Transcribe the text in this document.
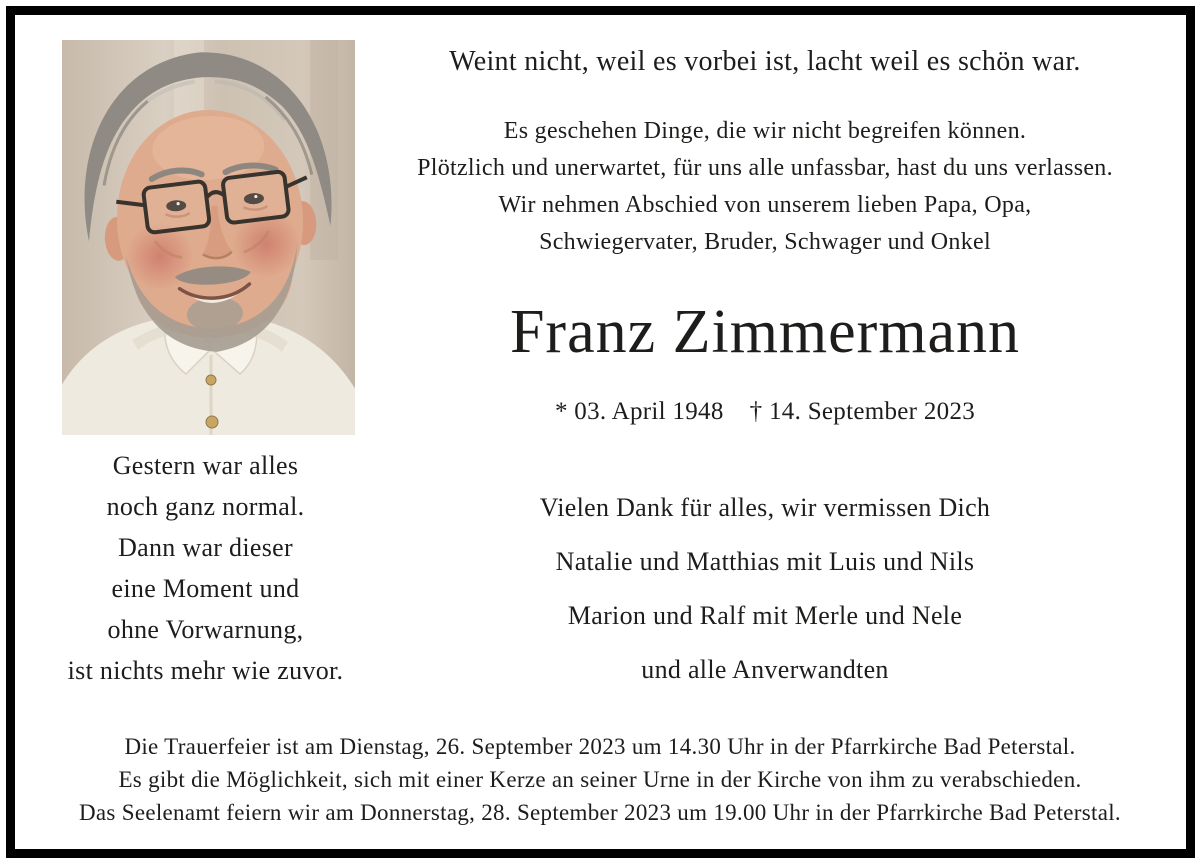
Weint nicht, weil es vorbei ist, lacht weil es schön war.
Es geschehen Dinge, die wir nicht begreifen können.
Plötzlich und unerwartet, für uns alle unfassbar, hast du uns verlassen.
Wir nehmen Abschied von unserem lieben Papa, Opa,
Schwiegervater, Bruder, Schwager und Onkel
Franz Zimmermann
* 03. April 1948 † 14. September 2023
Gestern war alles
noch ganz normal.
Dann war dieser
eine Moment und
ohne Vorwarnung,
ist nichts mehr wie zuvor.
Vielen Dank für alles, wir vermissen Dich
Natalie und Matthias mit Luis und Nils
Marion und Ralf mit Merle und Nele
und alle Anverwandten
Die Trauerfeier ist am Dienstag, 26. September 2023 um 14.30 Uhr in der Pfarrkirche Bad Peterstal.
Es gibt die Möglichkeit, sich mit einer Kerze an seiner Urne in der Kirche von ihm zu verabschieden.
Das Seelenamt feiern wir am Donnerstag, 28. September 2023 um 19.00 Uhr in der Pfarrkirche Bad Peterstal.
